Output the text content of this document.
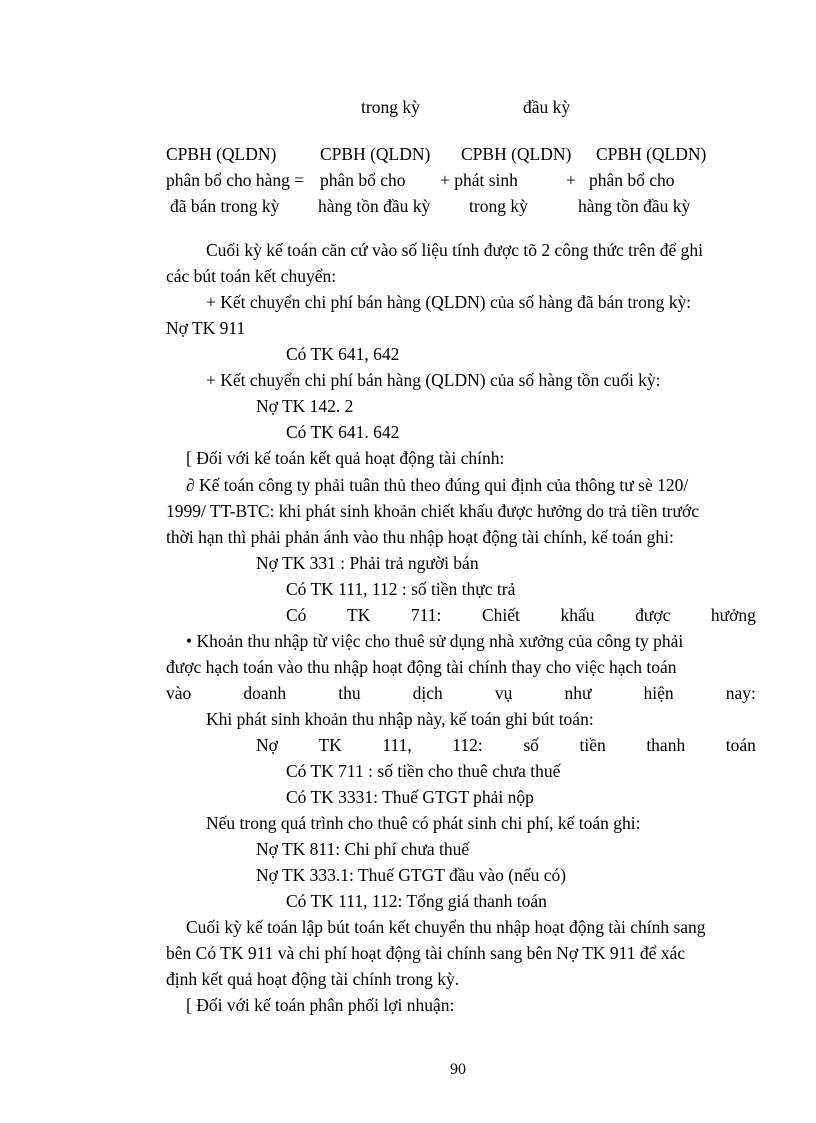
trong kỳ	đầu kỳ
CPBH (QLDN)
phân bổ cho hàng =
đã bán trong kỳ
CPBH (QLDN)
phân bổ cho
hàng tồn đầu kỳ
CPBH (QLDN)
+ phát sinh
trong kỳ
CPBH (QLDN)
+   phân bổ cho
hàng tồn đầu kỳ
Cuối kỳ kế toán căn cứ vào số liệu tính được tõ 2 công thức trên để ghi
các bút toán kết chuyển:
+ Kết chuyển chi phí bán hàng (QLDN) của số hàng đã bán trong kỳ:
Nợ TK 911
Có TK 641, 642
+ Kết chuyển chi phí bán hàng (QLDN) của số hàng tồn cuối kỳ:
Nợ TK 142. 2
Có TK 641. 642
[ Đối với kế toán kết quả hoạt động tài chính:
∂ Kế toán công ty phải tuân thủ theo đúng qui định của thông tư sè 120/
1999/ TT-BTC: khi phát sinh khoản chiết khấu được hưởng do trả tiền trước
thời hạn thì phải phản ánh vào thu nhập hoạt động tài chính, kế toán ghi:
Nợ TK 331 : Phải trả người bán
Có TK 111, 112 : số tiền thực trả
Có TK 711: Chiết khấu được hưởng
• Khoản thu nhập từ việc cho thuê sử dụng nhà xưởng của công ty phải
được hạch toán vào thu nhập hoạt động tài chính thay cho việc hạch toán
vào	doanh	thu	dịch	vụ	như	hiện	nay:
Khi phát sinh khoản thu nhập này, kế toán ghi bút toán:
Nợ TK 111, 112: số tiền thanh toán
Có TK 711 : số tiền cho thuê chưa thuế
Có TK 3331: Thuế GTGT phải nộp
Nếu trong quá trình cho thuê có phát sinh chi phí, kế toán ghi:
Nợ TK 811: Chi phí chưa thuế
Nợ TK 333.1: Thuế GTGT đầu vào (nếu có)
Có TK 111, 112: Tổng giá thanh toán
Cuối kỳ kế toán lập bút toán kết chuyển thu nhập hoạt động tài chính sang
bên Có TK 911 và chi phí hoạt động tài chính sang bên Nợ TK 911 để xác
định kết quả hoạt động tài chính trong kỳ.
[ Đối với kế toán phân phối lợi nhuận:
90
